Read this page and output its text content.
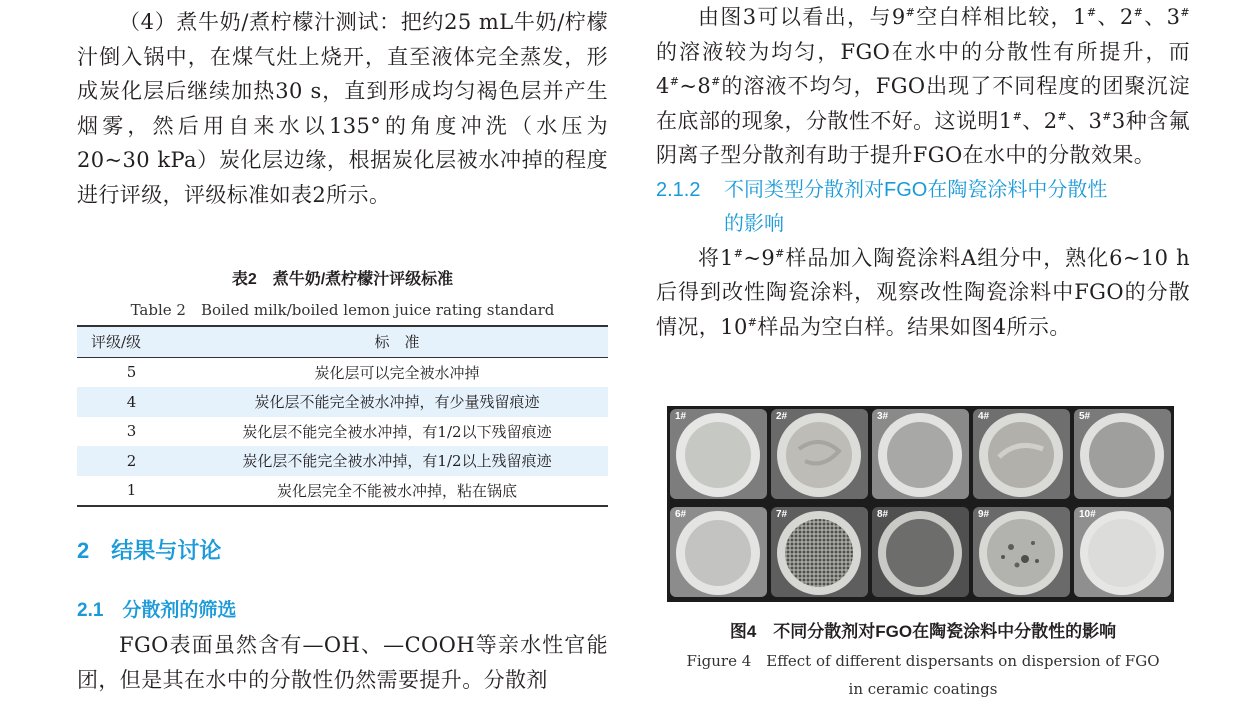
（4）煮牛奶/煮柠檬汁测试：把约25 mL牛奶/柠檬汁倒入锅中，在煤气灶上烧开，直至液体完全蒸发，形成炭化层后继续加热30 s，直到形成均匀褐色层并产生烟雾，然后用自来水以135°的角度冲洗（水压为20~30 kPa）炭化层边缘，根据炭化层被水冲掉的程度进行评级，评级标准如表2所示。

表2　煮牛奶/煮柠檬汁评级标准
Table 2　Boiled milk/boiled lemon juice rating standard
评级/级	标　准
5	炭化层可以完全被水冲掉
4	炭化层不能完全被水冲掉，有少量残留痕迹
3	炭化层不能完全被水冲掉，有1/2以下残留痕迹
2	炭化层不能完全被水冲掉，有1/2以上残留痕迹
1	炭化层完全不能被水冲掉，粘在锅底
2　结果与讨论
2.1　分散剂的筛选

FGO表面虽然含有—OH、—COOH等亲水性官能团，但是其在水中的分散性仍然需要提升。分散剂

由图3可以看出，与9#空白样相比较，1#、2#、3#的溶液较为均匀，FGO在水中的分散性有所提升，而4#~8#的溶液不均匀，FGO出现了不同程度的团聚沉淀在底部的现象，分散性不好。这说明1#、2#、3#3种含氟阴离子型分散剂有助于提升FGO在水中的分散效果。

2.1.2 不同类型分散剂对FGO在陶瓷涂料中分散性
的影响

将1#~9#样品加入陶瓷涂料A组分中，熟化6~10 h后得到改性陶瓷涂料，观察改性陶瓷涂料中FGO的分散情况，10#样品为空白样。结果如图4所示。

1#	2#	3#	4#	5#
6#	7#	8#	9#	10#
图4　不同分散剂对FGO在陶瓷涂料中分散性的影响
Figure 4　Effect of different dispersants on dispersion of FGO
in ceramic coatings
